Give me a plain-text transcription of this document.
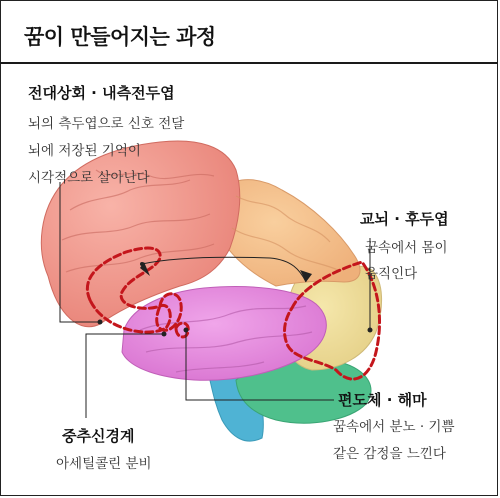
꿈이 만들어지는 과정
전대상회 · 내측전두엽
뇌의 측두엽으로 신호 전달
뇌에 저장된 기억이
시각적으로 살아난다
교뇌 · 후두엽
꿈속에서 몸이
움직인다
중추신경계
아세틸콜린 분비
편도체 · 해마
꿈속에서 분노 · 기쁨
같은 감정을 느낀다
